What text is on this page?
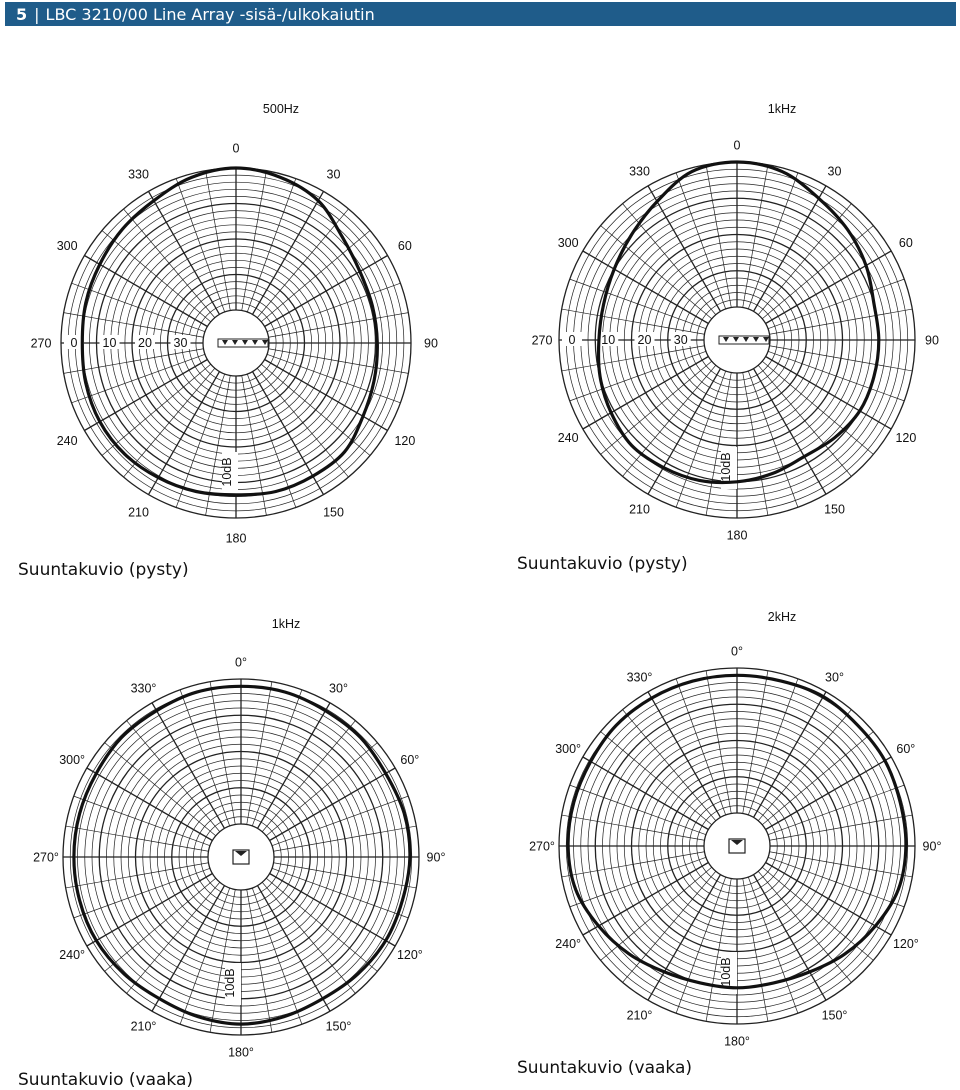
5 | LBC 3210/00 Line Array -sisä-/ulkokaiutin
500Hz
0
30
60
90
120
150
180
210
240
270
300
330
30
20
10
0
10dB
1kHz
0
30
60
90
120
150
180
210
240
270
300
330
30
20
10
0
10dB
1kHz
0°
30°
60°
90°
120°
150°
180°
210°
240°
270°
300°
330°
10dB
2kHz
0°
30°
60°
90°
120°
150°
180°
210°
240°
270°
300°
330°
10dB
Suuntakuvio (pysty)	Suuntakuvio (pysty)
Suuntakuvio (vaaka)
Suuntakuvio (vaaka)
